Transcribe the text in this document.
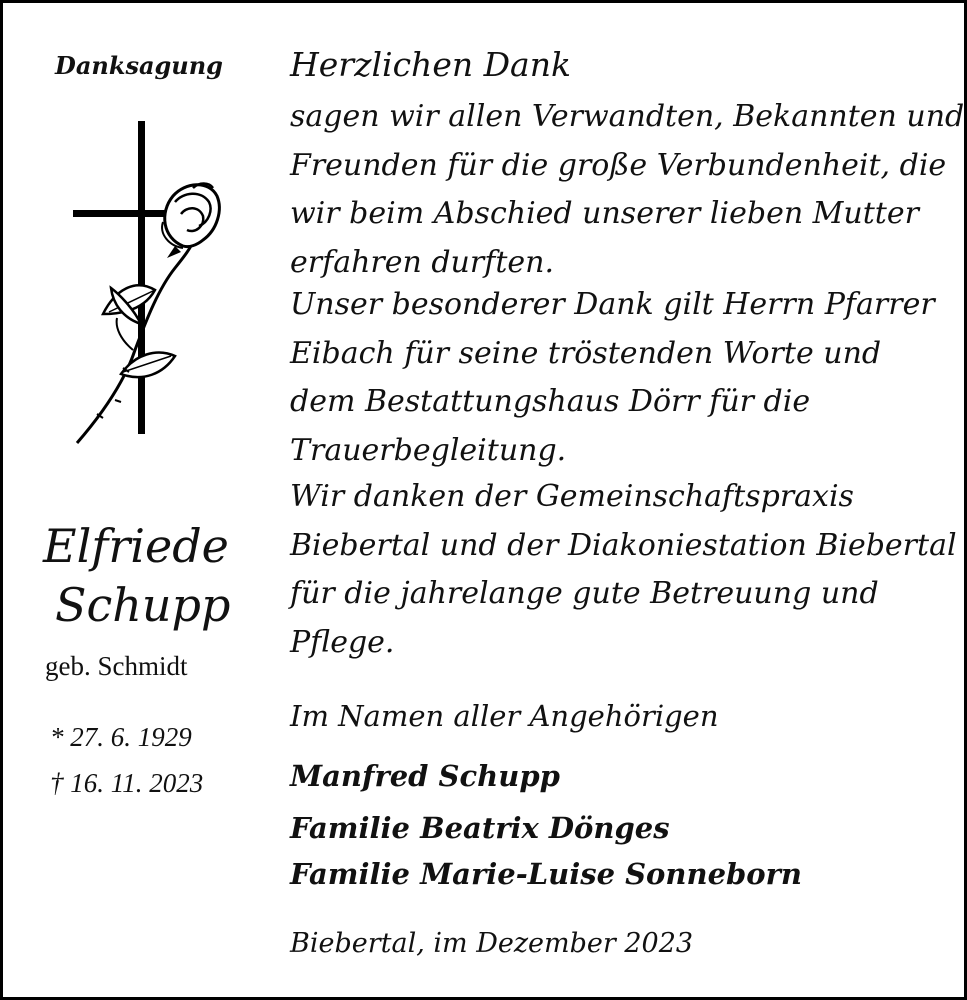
Danksagung
Elfriede
Schupp
geb. Schmidt
* 27. 6. 1929
† 16. 11. 2023
Herzlichen Dank

sagen wir allen Verwandten, Bekannten und
Freunden für die große Verbundenheit, die
wir beim Abschied unserer lieben Mutter
erfahren durften.

Unser besonderer Dank gilt Herrn Pfarrer
Eibach für seine tröstenden Worte und
dem Bestattungshaus Dörr für die
Trauerbegleitung.

Wir danken der Gemeinschaftspraxis
Biebertal und der Diakoniestation Biebertal
für die jahrelange gute Betreuung und
Pflege.

Im Namen aller Angehörigen
Manfred Schupp
Familie Beatrix Dönges
Familie Marie-Luise Sonneborn
Biebertal, im Dezember 2023
